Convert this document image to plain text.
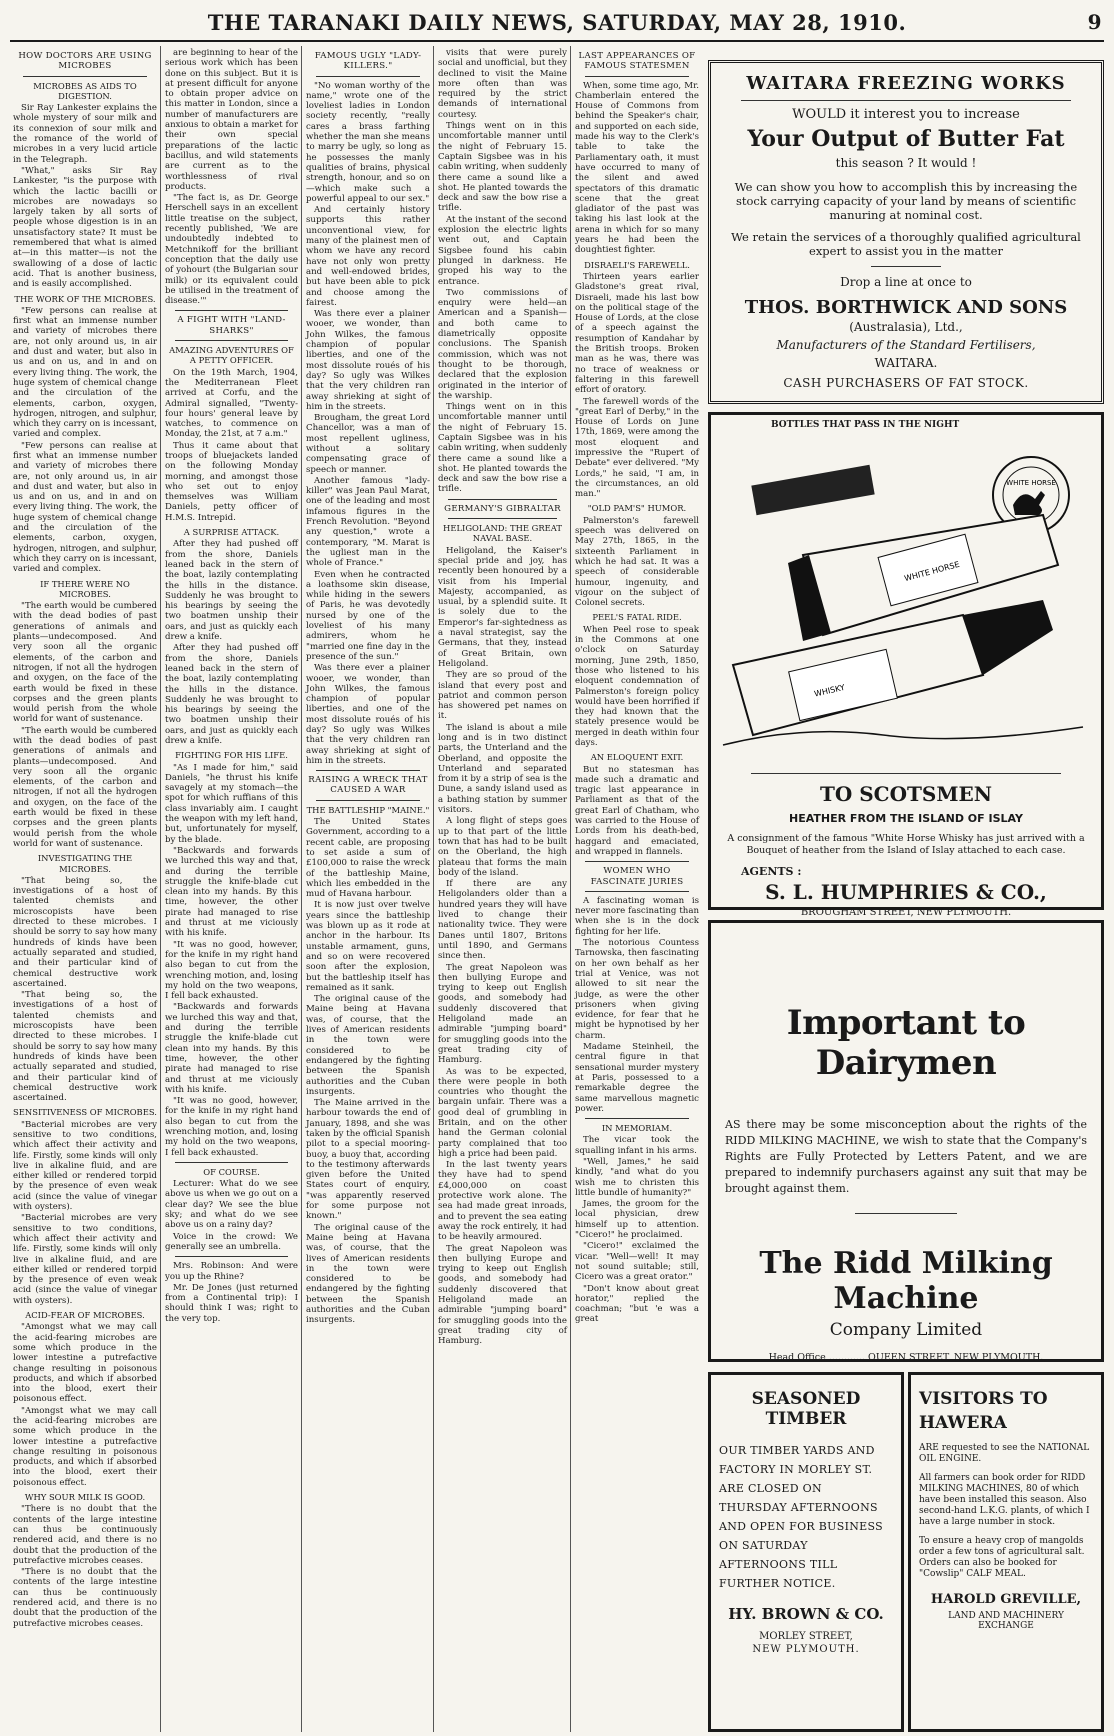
THE TARANAKI DAILY NEWS, SATURDAY, MAY 28, 1910.	9
HOW DOCTORS ARE USING MICROBES
MICROBES AS AIDS TO DIGESTION.

Sir Ray Lankester explains the whole mystery of sour milk and its connexion of sour milk and the romance of the world of microbes in a very lucid article in the Telegraph.

"What," asks Sir Ray Lankester, "is the purpose with which the lactic bacilli or microbes are nowadays so largely taken by all sorts of people whose digestion is in an unsatisfactory state? It must be remembered that what is aimed at—in this matter—is not the swallowing of a dose of lactic acid. That is another business, and is easily accomplished.

THE WORK OF THE MICROBES.

"Few persons can realise at first what an immense number and variety of microbes there are, not only around us, in air and dust and water, but also in us and on us, and in and on every living thing. The work, the huge system of chemical change and the circulation of the elements, carbon, oxygen, hydrogen, nitrogen, and sulphur, which they carry on is incessant, varied and complex.

"Few persons can realise at first what an immense number and variety of microbes there are, not only around us, in air and dust and water, but also in us and on us, and in and on every living thing. The work, the huge system of chemical change and the circulation of the elements, carbon, oxygen, hydrogen, nitrogen, and sulphur, which they carry on is incessant, varied and complex.

IF THERE WERE NO MICROBES.

"The earth would be cumbered with the dead bodies of past generations of animals and plants—undecomposed. And very soon all the organic elements, of the carbon and nitrogen, if not all the hydrogen and oxygen, on the face of the earth would be fixed in these corpses and the green plants would perish from the whole world for want of sustenance.

"The earth would be cumbered with the dead bodies of past generations of animals and plants—undecomposed. And very soon all the organic elements, of the carbon and nitrogen, if not all the hydrogen and oxygen, on the face of the earth would be fixed in these corpses and the green plants would perish from the whole world for want of sustenance.

INVESTIGATING THE MICROBES.

"That being so, the investigations of a host of talented chemists and microscopists have been directed to these microbes. I should be sorry to say how many hundreds of kinds have been actually separated and studied, and their particular kind of chemical destructive work ascertained.

"That being so, the investigations of a host of talented chemists and microscopists have been directed to these microbes. I should be sorry to say how many hundreds of kinds have been actually separated and studied, and their particular kind of chemical destructive work ascertained.

SENSITIVENESS OF MICROBES.

"Bacterial microbes are very sensitive to two conditions, which affect their activity and life. Firstly, some kinds will only live in alkaline fluid, and are either killed or rendered torpid by the presence of even weak acid (since the value of vinegar with oysters).

"Bacterial microbes are very sensitive to two conditions, which affect their activity and life. Firstly, some kinds will only live in alkaline fluid, and are either killed or rendered torpid by the presence of even weak acid (since the value of vinegar with oysters).

ACID-FEAR OF MICROBES.

"Amongst what we may call the acid-fearing microbes are some which produce in the lower intestine a putrefactive change resulting in poisonous products, and which if absorbed into the blood, exert their poisonous effect.

"Amongst what we may call the acid-fearing microbes are some which produce in the lower intestine a putrefactive change resulting in poisonous products, and which if absorbed into the blood, exert their poisonous effect.

WHY SOUR MILK IS GOOD.

"There is no doubt that the contents of the large intestine can thus be continuously rendered acid, and there is no doubt that the production of the putrefactive microbes ceases.

"There is no doubt that the contents of the large intestine can thus be continuously rendered acid, and there is no doubt that the production of the putrefactive microbes ceases.

are beginning to hear of the serious work which has been done on this subject. But it is at present difficult for anyone to obtain proper advice on this matter in London, since a number of manufacturers are anxious to obtain a market for their own special preparations of the lactic bacillus, and wild statements are current as to the worthlessness of rival products.

"The fact is, as Dr. George Herschell says in an excellent little treatise on the subject, recently published, 'We are undoubtedly indebted to Metchnikoff for the brilliant conception that the daily use of yohourt (the Bulgarian sour milk) or its equivalent could be utilised in the treatment of disease.'"

A FIGHT WITH "LAND-SHARKS"
AMAZING ADVENTURES OF A PETTY OFFICER.

On the 19th March, 1904, the Mediterranean Fleet arrived at Corfu, and the Admiral signalled, "Twenty-four hours' general leave by watches, to commence on Monday, the 21st, at 7 a.m."

Thus it came about that troops of bluejackets landed on the following Monday morning, and amongst those who set out to enjoy themselves was William Daniels, petty officer of H.M.S. Intrepid.

A SURPRISE ATTACK.

After they had pushed off from the shore, Daniels leaned back in the stern of the boat, lazily contemplating the hills in the distance. Suddenly he was brought to his bearings by seeing the two boatmen unship their oars, and just as quickly each drew a knife.

After they had pushed off from the shore, Daniels leaned back in the stern of the boat, lazily contemplating the hills in the distance. Suddenly he was brought to his bearings by seeing the two boatmen unship their oars, and just as quickly each drew a knife.

FIGHTING FOR HIS LIFE.

"As I made for him," said Daniels, "he thrust his knife savagely at my stomach—the spot for which ruffians of this class invariably aim. I caught the weapon with my left hand, but, unfortunately for myself, by the blade.

"Backwards and forwards we lurched this way and that, and during the terrible struggle the knife-blade cut clean into my hands. By this time, however, the other pirate had managed to rise and thrust at me viciously with his knife.

"It was no good, however, for the knife in my right hand also began to cut from the wrenching motion, and, losing my hold on the two weapons, I fell back exhausted.

"Backwards and forwards we lurched this way and that, and during the terrible struggle the knife-blade cut clean into my hands. By this time, however, the other pirate had managed to rise and thrust at me viciously with his knife.

"It was no good, however, for the knife in my right hand also began to cut from the wrenching motion, and, losing my hold on the two weapons, I fell back exhausted.

OF COURSE.

Lecturer: What do we see above us when we go out on a clear day? We see the blue sky; and what do we see above us on a rainy day?

Voice in the crowd: We generally see an umbrella.

Mrs. Robinson: And were you up the Rhine?

Mr. De Jones (just returned from a Continental trip): I should think I was; right to the very top.

FAMOUS UGLY "LADY-KILLERS."

"No woman worthy of the name," wrote one of the loveliest ladies in London society recently, "really cares a brass farthing whether the man she means to marry be ugly, so long as he possesses the manly qualities of brains, physical strength, honour, and so on—which make such a powerful appeal to our sex."

And certainly history supports this rather unconventional view, for many of the plainest men of whom we have any record have not only won pretty and well-endowed brides, but have been able to pick and choose among the fairest.

Was there ever a plainer wooer, we wonder, than John Wilkes, the famous champion of popular liberties, and one of the most dissolute roués of his day? So ugly was Wilkes that the very children ran away shrieking at sight of him in the streets.

Brougham, the great Lord Chancellor, was a man of most repellent ugliness, without a solitary compensating grace of speech or manner.

Another famous "lady-killer" was Jean Paul Marat, one of the leading and most infamous figures in the French Revolution. "Beyond any question," wrote a contemporary, "M. Marat is the ugliest man in the whole of France."

Even when he contracted a loathsome skin disease, while hiding in the sewers of Paris, he was devotedly nursed by one of the loveliest of his many admirers, whom he "married one fine day in the presence of the sun."

Was there ever a plainer wooer, we wonder, than John Wilkes, the famous champion of popular liberties, and one of the most dissolute roués of his day? So ugly was Wilkes that the very children ran away shrieking at sight of him in the streets.

RAISING A WRECK THAT CAUSED A WAR
THE BATTLESHIP "MAINE."

The United States Government, according to a recent cable, are proposing to set aside a sum of £100,000 to raise the wreck of the battleship Maine, which lies embedded in the mud of Havana harbour.

It is now just over twelve years since the battleship was blown up as it rode at anchor in the harbour. Its unstable armament, guns, and so on were recovered soon after the explosion, but the battleship itself has remained as it sank.

The original cause of the Maine being at Havana was, of course, that the lives of American residents in the town were considered to be endangered by the fighting between the Spanish authorities and the Cuban insurgents.

The Maine arrived in the harbour towards the end of January, 1898, and she was taken by the official Spanish pilot to a special mooring-buoy, a buoy that, according to the testimony afterwards given before the United States court of enquiry, "was apparently reserved for some purpose not known."

The original cause of the Maine being at Havana was, of course, that the lives of American residents in the town were considered to be endangered by the fighting between the Spanish authorities and the Cuban insurgents.

visits that were purely social and unofficial, but they declined to visit the Maine more often than was required by the strict demands of international courtesy.

Things went on in this uncomfortable manner until the night of February 15. Captain Sigsbee was in his cabin writing, when suddenly there came a sound like a shot. He planted towards the deck and saw the bow rise a trifle.

At the instant of the second explosion the electric lights went out, and Captain Sigsbee found his cabin plunged in darkness. He groped his way to the entrance.

Two commissions of enquiry were held—an American and a Spanish—and both came to diametrically opposite conclusions. The Spanish commission, which was not thought to be thorough, declared that the explosion originated in the interior of the warship.

Things went on in this uncomfortable manner until the night of February 15. Captain Sigsbee was in his cabin writing, when suddenly there came a sound like a shot. He planted towards the deck and saw the bow rise a trifle.

GERMANY'S GIBRALTAR
HELIGOLAND: THE GREAT NAVAL BASE.

Heligoland, the Kaiser's special pride and joy, has recently been honoured by a visit from his Imperial Majesty, accompanied, as usual, by a splendid suite. It is solely due to the Emperor's far-sightedness as a naval strategist, say the Germans, that they, instead of Great Britain, own Heligoland.

They are so proud of the island that every post and patriot and common person has showered pet names on it.

The island is about a mile long and is in two distinct parts, the Unterland and the Oberland, and opposite the Unterland and separated from it by a strip of sea is the Dune, a sandy island used as a bathing station by summer visitors.

A long flight of steps goes up to that part of the little town that has had to be built on the Oberland, the high plateau that forms the main body of the island.

If there are any Heligolanders older than a hundred years they will have lived to change their nationality twice. They were Danes until 1807, Britons until 1890, and Germans since then.

The great Napoleon was then bullying Europe and trying to keep out English goods, and somebody had suddenly discovered that Heligoland made an admirable "jumping board" for smuggling goods into the great trading city of Hamburg.

As was to be expected, there were people in both countries who thought the bargain unfair. There was a good deal of grumbling in Britain, and on the other hand the German colonial party complained that too high a price had been paid.

In the last twenty years they have had to spend £4,000,000 on coast protective work alone. The sea had made great inroads, and to prevent the sea eating away the rock entirely, it had to be heavily armoured.

The great Napoleon was then bullying Europe and trying to keep out English goods, and somebody had suddenly discovered that Heligoland made an admirable "jumping board" for smuggling goods into the great trading city of Hamburg.

LAST APPEARANCES OF FAMOUS STATESMEN

When, some time ago, Mr. Chamberlain entered the House of Commons from behind the Speaker's chair, and supported on each side, made his way to the Clerk's table to take the Parliamentary oath, it must have occurred to many of the silent and awed spectators of this dramatic scene that the great gladiator of the past was taking his last look at the arena in which for so many years he had been the doughtiest fighter.

DISRAELI'S FAREWELL.

Thirteen years earlier Gladstone's great rival, Disraeli, made his last bow on the political stage of the House of Lords, at the close of a speech against the resumption of Kandahar by the British troops. Broken man as he was, there was no trace of weakness or faltering in this farewell effort of oratory.

The farewell words of the "great Earl of Derby," in the House of Lords on June 17th, 1869, were among the most eloquent and impressive the "Rupert of Debate" ever delivered. "My Lords," he said, "I am, in the circumstances, an old man."

"OLD PAM'S" HUMOR.

Palmerston's farewell speech was delivered on May 27th, 1865, in the sixteenth Parliament in which he had sat. It was a speech of considerable humour, ingenuity, and vigour on the subject of Colonel secrets.

PEEL'S FATAL RIDE.

When Peel rose to speak in the Commons at one o'clock on Saturday morning, June 29th, 1850, those who listened to his eloquent condemnation of Palmerston's foreign policy would have been horrified if they had known that the stately presence would be merged in death within four days.

AN ELOQUENT EXIT.

But no statesman has made such a dramatic and tragic last appearance in Parliament as that of the great Earl of Chatham, who was carried to the House of Lords from his death-bed, haggard and emaciated, and wrapped in flannels.

WOMEN WHO FASCINATE JURIES

A fascinating woman is never more fascinating than when she is in the dock fighting for her life.

The notorious Countess Tarnowska, then fascinating on her own behalf as her trial at Venice, was not allowed to sit near the judge, as were the other prisoners when giving evidence, for fear that he might be hypnotised by her charm.

Madame Steinheil, the central figure in that sensational murder mystery at Paris, possessed to a remarkable degree the same marvellous magnetic power.

IN MEMORIAM.

The vicar took the squalling infant in his arms.

"Well, James," he said kindly, "and what do you wish me to christen this little bundle of humanity?"

James, the groom for the local physician, drew himself up to attention. "Cicero!" he proclaimed.

"Cicero!" exclaimed the vicar. "Well—well! It may not sound suitable; still, Cicero was a great orator."

"Don't know about great horator," replied the coachman; "but 'e was a great

WAITARA FREEZING WORKS
WOULD it interest you to increase
Your Output of Butter Fat
this season ? It would !
We can show you how to accomplish this by increasing the stock carrying capacity of your land by means of scientific manuring at nominal cost.
We retain the services of a thoroughly qualified agricultural expert to assist you in the matter
Drop a line at once to
THOS. BORTHWICK AND SONS
(Australasia), Ltd.,
Manufacturers of the Standard Fertilisers,
WAITARA.
CASH PURCHASERS OF FAT STOCK.
BOTTLES THAT PASS IN THE NIGHT
WHITE HORSE
WHITE HORSE
WHISKY
TO SCOTSMEN
HEATHER FROM THE ISLAND OF ISLAY
A consignment of the famous "White Horse Whisky has just arrived with a Bouquet of heather from the Island of Islay attached to each case.
AGENTS :
S. L. HUMPHRIES & CO.,
BROUGHAM STREET, NEW PLYMOUTH.
Important to Dairymen
AS there may be some misconception about the rights of the RIDD MILKING MACHINE, we wish to state that the Company's Rights are Fully Protected by Letters Patent, and we are prepared to indemnify purchasers against any suit that may be brought against them.
The Ridd Milking Machine
Company Limited
Head Office ............ QUEEN STREET, NEW PLYMOUTH.
SEASONED TIMBER
OUR TIMBER YARDS AND FACTORY IN MORLEY ST. ARE CLOSED ON THURSDAY AFTERNOONS AND OPEN FOR BUSINESS ON SATURDAY AFTERNOONS TILL FURTHER NOTICE.
HY. BROWN & CO.
MORLEY STREET,
NEW PLYMOUTH.
VISITORS TO
HAWERA
ARE requested to see the NATIONAL OIL ENGINE.
All farmers can book order for RIDD MILKING MACHINES, 80 of which have been installed this season. Also second-hand L.K.G. plants, of which I have a large number in stock.
To ensure a heavy crop of mangolds order a few tons of agricultural salt. Orders can also be booked for "Cowslip" CALF MEAL.
HAROLD GREVILLE,
LAND AND MACHINERY EXCHANGE
